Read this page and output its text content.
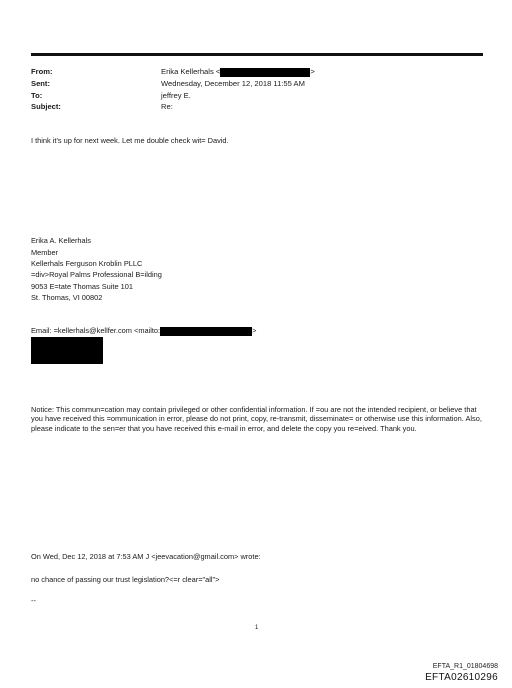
From:	Erika Kellerhals <	>
Sent:	Wednesday, December 12, 2018 11:55 AM
To:	jeffrey E.
Subject:	Re:
I think it's up for next week. Let me double check wit= David.
Erika A. Kellerhals
Member
Kellerhals Ferguson Kroblin PLLC
=div>Royal Palms Professional B=ilding
9053 E=tate Thomas Suite 101
St. Thomas, VI 00802
Email: =kellerhals@kellfer.com <mailto:	>
Notice: This commun=cation may contain privileged or other confidential information. If =ou are not the intended recipient, or believe that you have received this =ommunication in error, please do not print, copy, re-transmit, disseminate= or otherwise use this information. Also, please indicate to the sen=er that you have received this e-mail in error, and delete the copy you re=eived. Thank you.
On Wed, Dec 12, 2018 at 7:53 AM J <jeevacation@gmail.com> wrote:
no chance of passing our trust legislation?<=r clear="all">
--
1
EFTA_R1_01804698
EFTA02610296
